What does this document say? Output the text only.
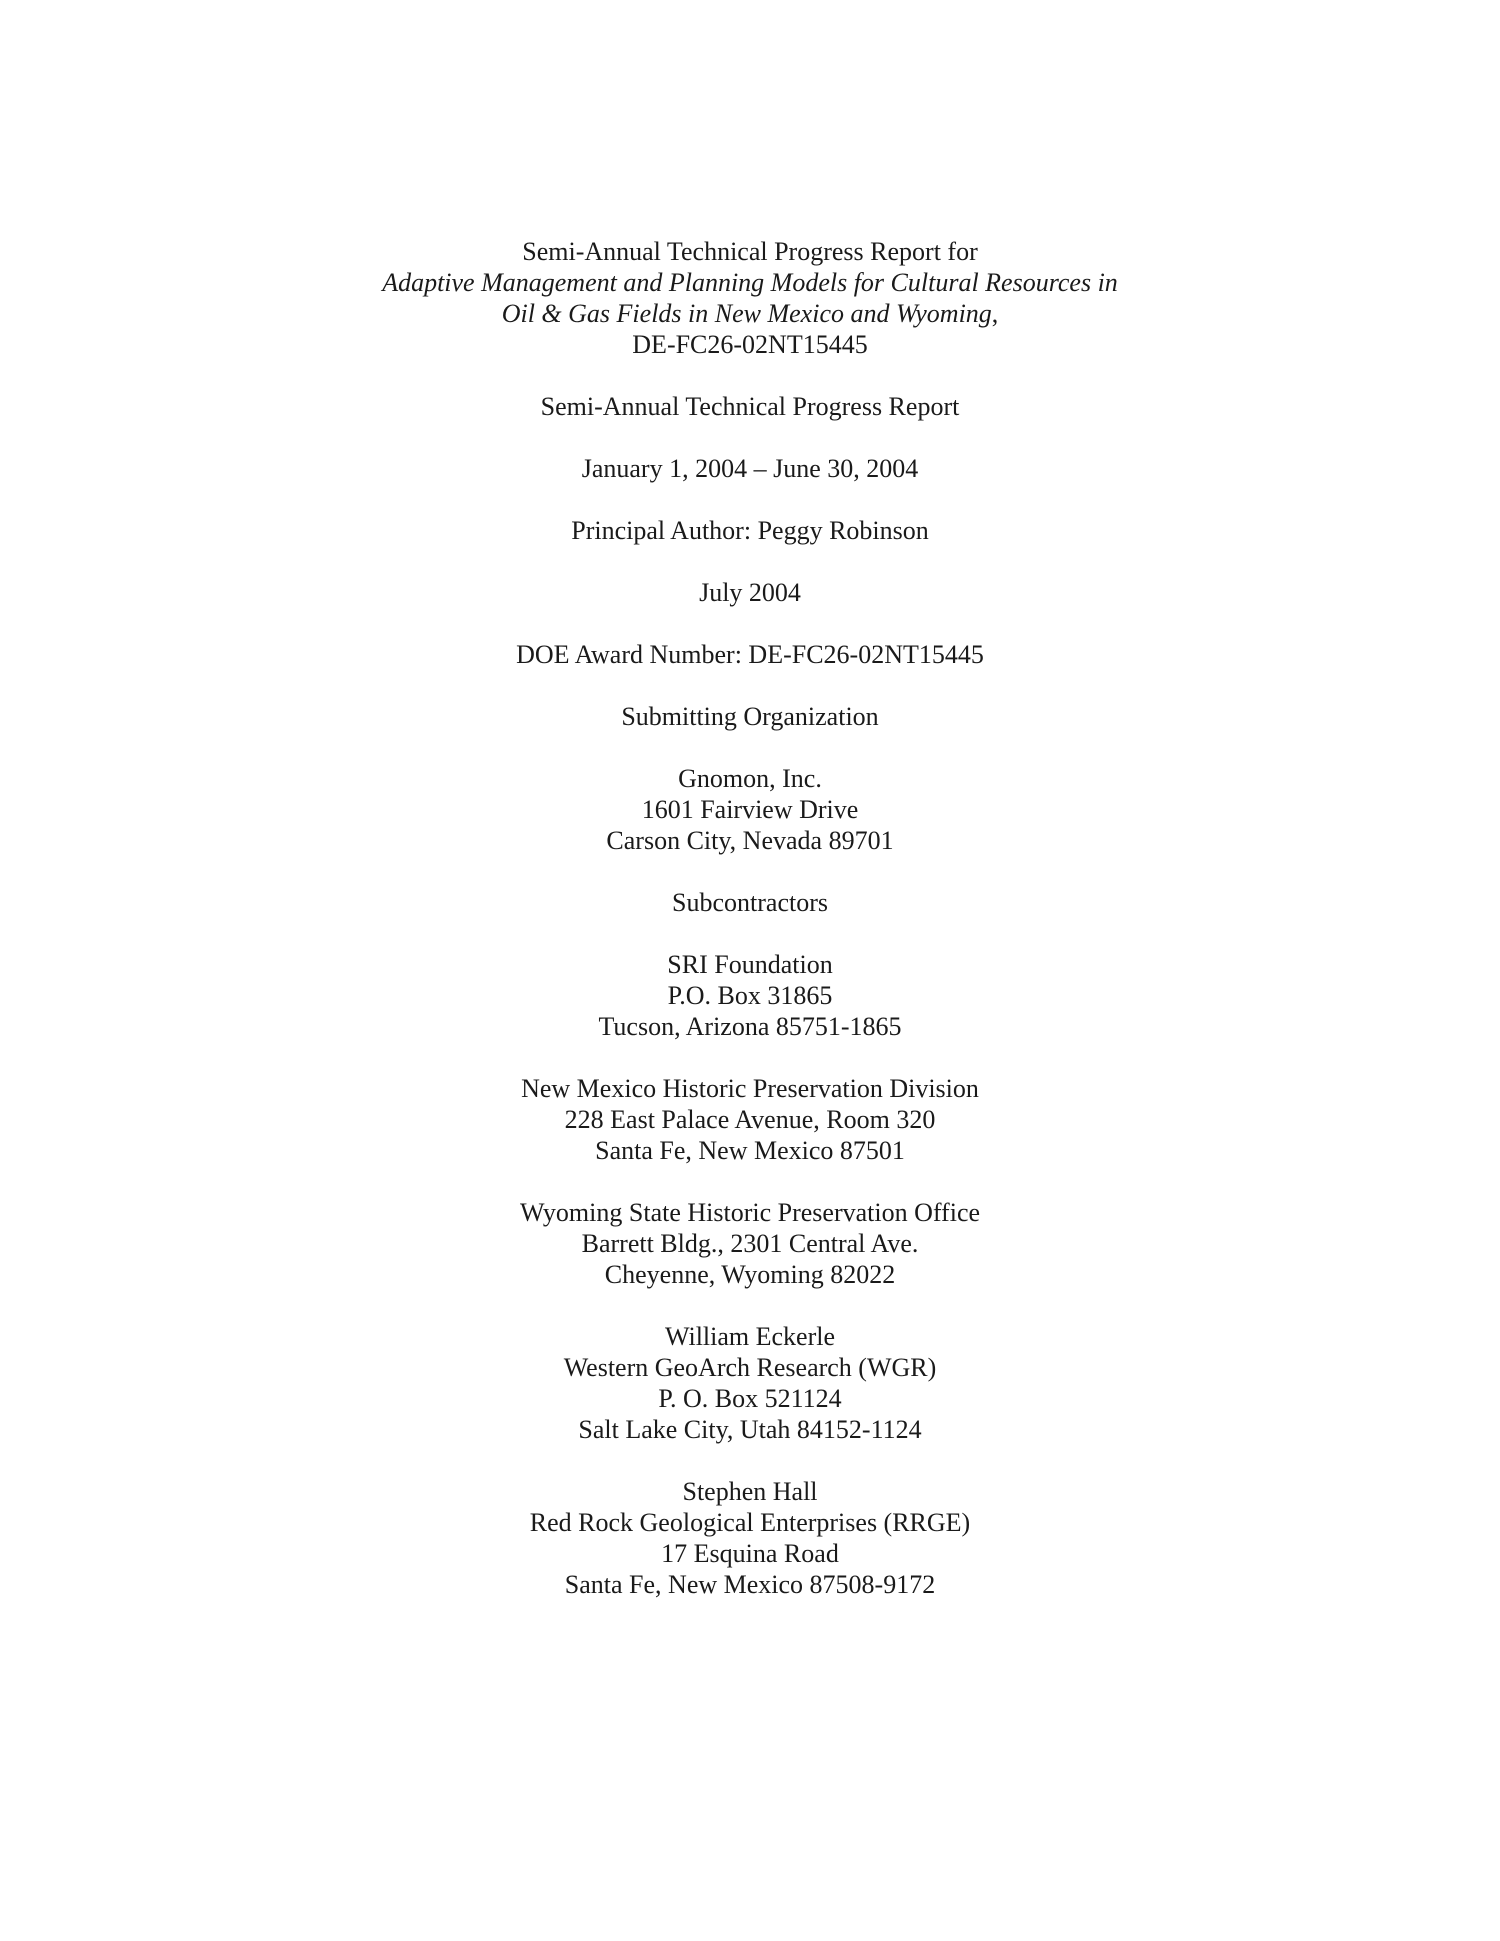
Semi-Annual Technical Progress Report for
Adaptive Management and Planning Models for Cultural Resources in
Oil & Gas Fields in New Mexico and Wyoming,
DE-FC26-02NT15445
Semi-Annual Technical Progress Report
January 1, 2004 – June 30, 2004
Principal Author: Peggy Robinson
July 2004
DOE Award Number: DE-FC26-02NT15445
Submitting Organization
Gnomon, Inc.
1601 Fairview Drive
Carson City, Nevada 89701
Subcontractors
SRI Foundation
P.O. Box 31865
Tucson, Arizona 85751-1865
New Mexico Historic Preservation Division
228 East Palace Avenue, Room 320
Santa Fe, New Mexico 87501
Wyoming State Historic Preservation Office
Barrett Bldg., 2301 Central Ave.
Cheyenne, Wyoming 82022
William Eckerle
Western GeoArch Research (WGR)
P. O. Box 521124
Salt Lake City, Utah 84152-1124
Stephen Hall
Red Rock Geological Enterprises (RRGE)
17 Esquina Road
Santa Fe, New Mexico 87508-9172
